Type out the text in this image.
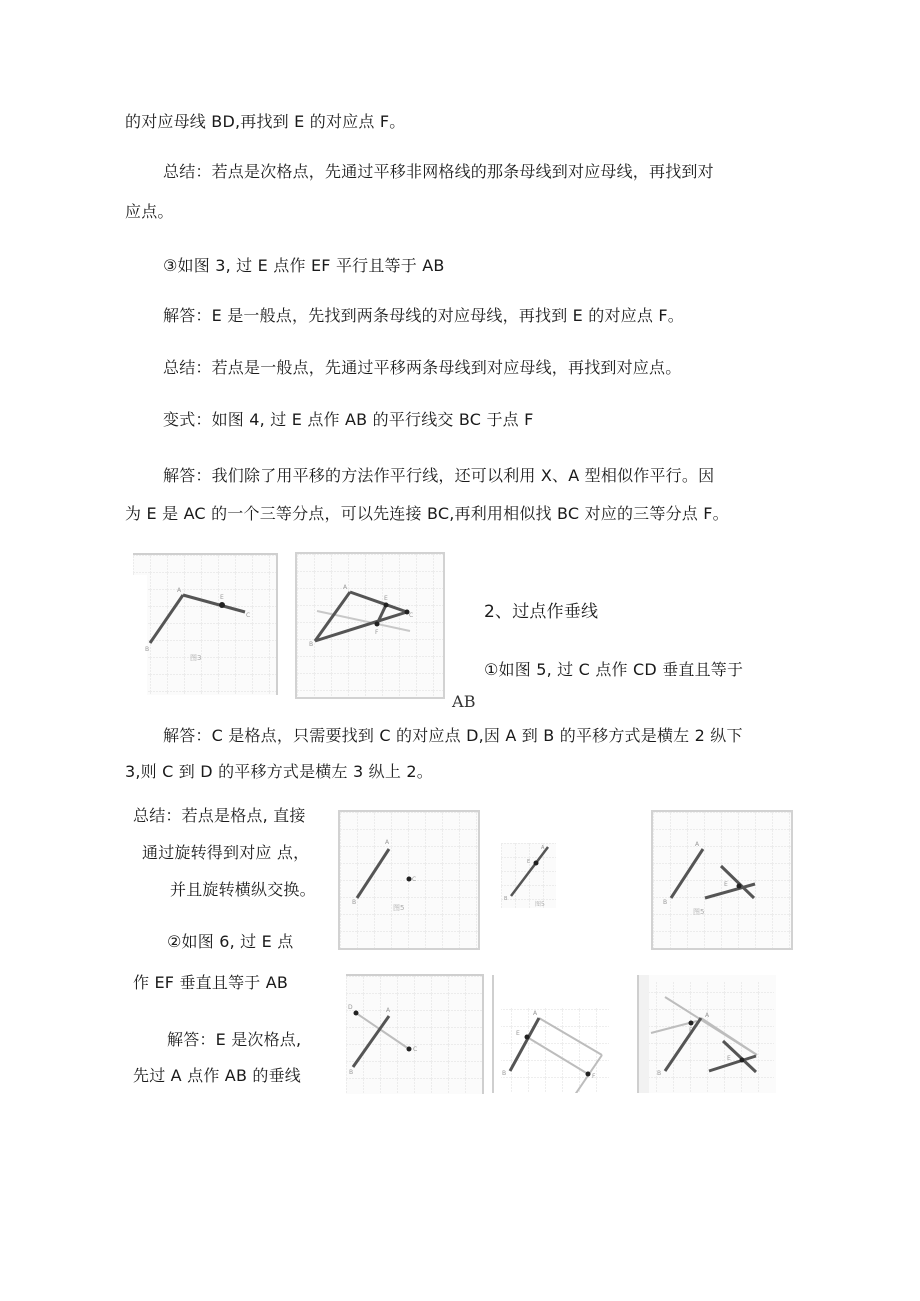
的对应母线 BD,再找到 E 的对应点 F。
总结：若点是次格点，先通过平移非网格线的那条母线到对应母线，再找到对
应点。
③如图 3, 过 E 点作 EF 平行且等于 AB
解答：E 是一般点，先找到两条母线的对应母线，再找到 E 的对应点 F。
总结：若点是一般点，先通过平移两条母线到对应母线，再找到对应点。
变式：如图 4, 过 E 点作 AB 的平行线交 BC 于点 F
解答：我们除了用平移的方法作平行线，还可以利用 X、A 型相似作平行。因
为 E 是 AC 的一个三等分点，可以先连接 BC,再利用相似找 BC 对应的三等分点 F。
A
E
C
B
图3
A
E
C
F
B
2、过点作垂线
①如图 5, 过 C 点作 CD 垂直且等于
AB
解答：C 是格点，只需要找到 C 的对应点 D,因 A 到 B 的平移方式是横左 2 纵下
3,则 C 到 D 的平移方式是横左 3 纵上 2。
总结：若点是格点, 直接
通过旋转得到对应 点，
并且旋转横纵交换。
②如图 6, 过 E 点
作 EF 垂直且等于 AB
解答：E 是次格点,
先过 A 点作 AB 的垂线
A
B
C
图5
A
E
B
图5
A
B
E
图5
D	A
B
C
A
E
B	F
A
F
E
B
